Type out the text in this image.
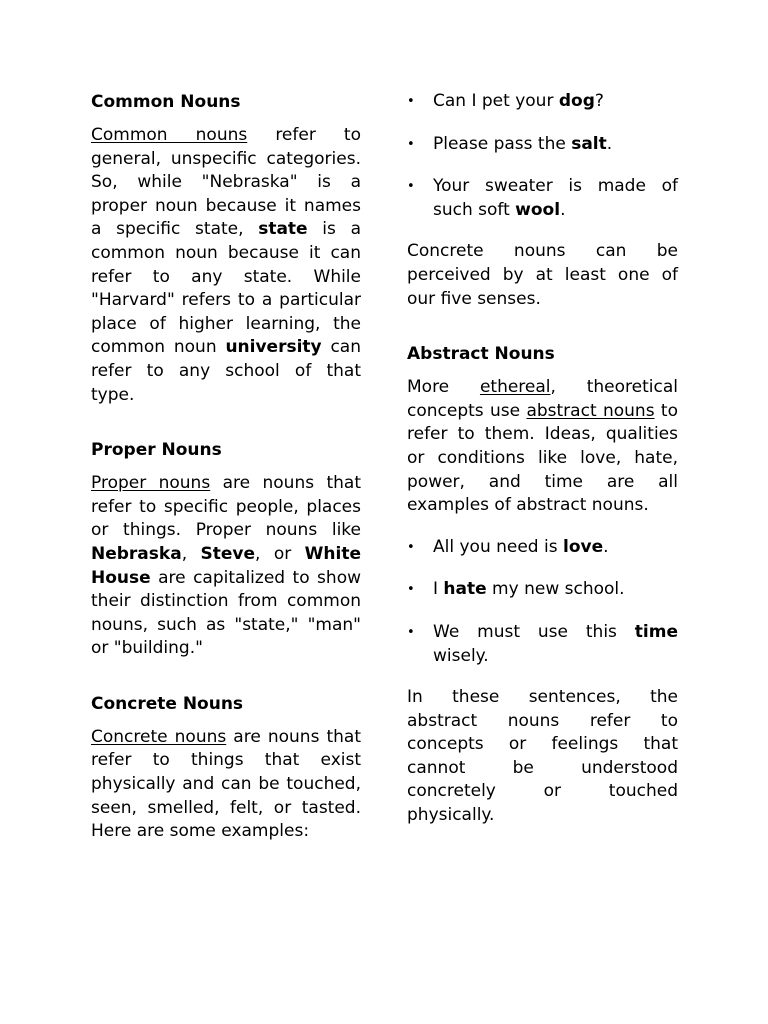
Common Nouns

Common nouns refer to general, unspecific categories. So, while "Nebraska" is a proper noun because it names a specific state, state is a common noun because it can refer to any state. While "Harvard" refers to a particular place of higher learning, the common noun university can refer to any school of that type.

Proper Nouns

Proper nouns are nouns that refer to specific people, places or things. Proper nouns like Nebraska, Steve, or White House are capitalized to show their distinction from common nouns, such as "state," "man" or "building."

Concrete Nouns

Concrete nouns are nouns that refer to things that exist physically and can be touched, seen, smelled, felt, or tasted. Here are some examples:

• Can I pet your dog?
• Please pass the salt.
• Your sweater is made of such soft wool.

Concrete nouns can be perceived by at least one of our five senses.

Abstract Nouns

More ethereal, theoretical concepts use abstract nouns to refer to them. Ideas, qualities or conditions like love, hate, power, and time are all examples of abstract nouns.

• All you need is love.
• I hate my new school.
• We must use this time wisely.

In these sentences, the abstract nouns refer to concepts or feelings that cannot be understood concretely or touched physically.
